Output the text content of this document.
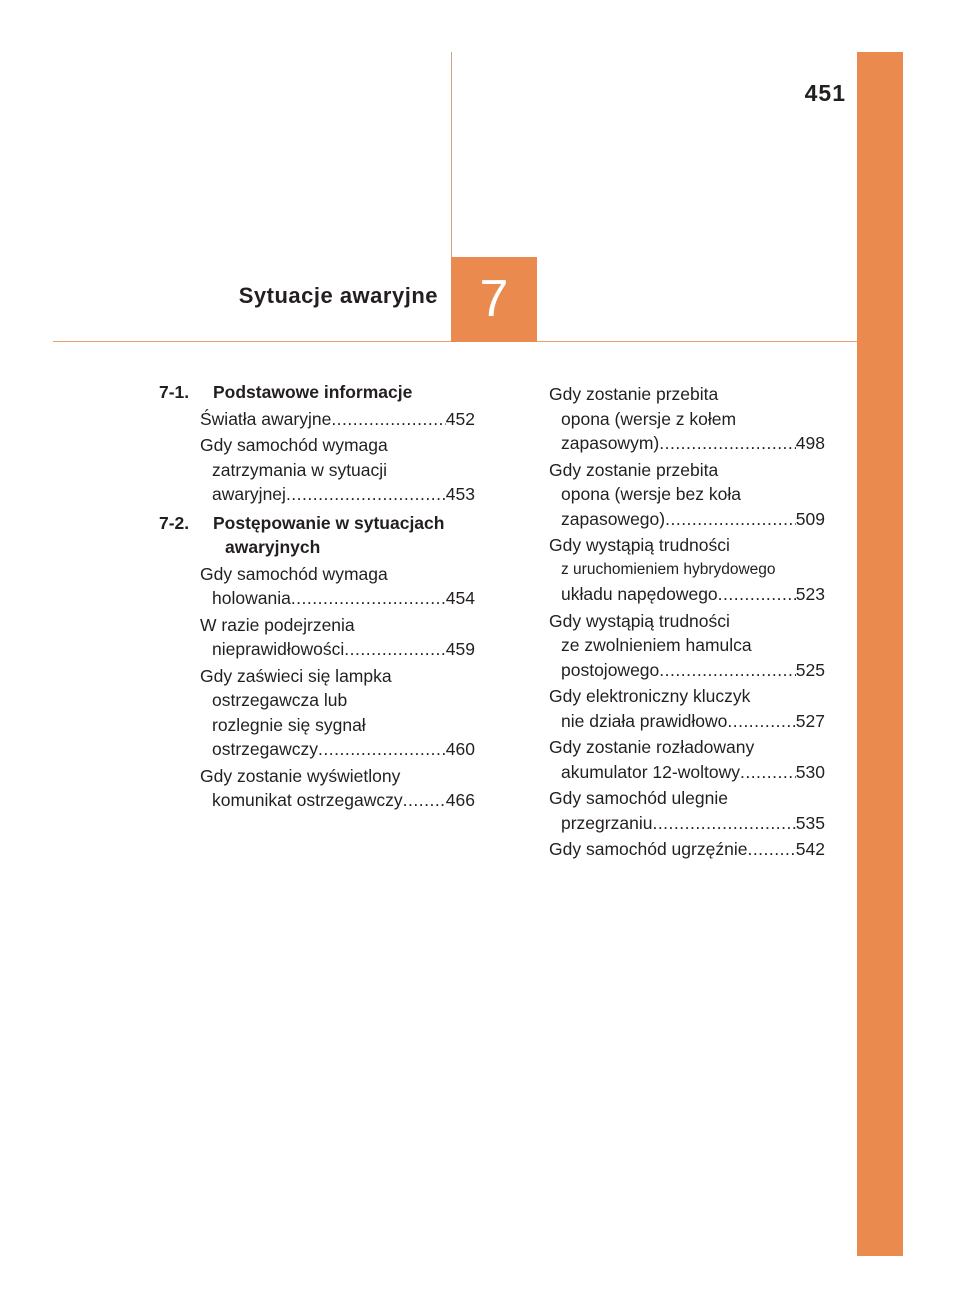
451
Sytuacje awaryjne 7
7-1.	Podstawowe informacje
Światła awaryjne .....	452
Gdy samochód wymaga
zatrzymania w sytuacji
awaryjnej .....	453
7-2.	Postępowanie w sytuacjach
awaryjnych
Gdy samochód wymaga
holowania .....	454
W razie podejrzenia
nieprawidłowości .....	459
Gdy zaświeci się lampka
ostrzegawcza lub
rozlegnie się sygnał
ostrzegawczy .....	460
Gdy zostanie wyświetlony
komunikat ostrzegawczy ..... 466
Gdy zostanie przebita
opona (wersje z kołem
zapasowym) .....	498
Gdy zostanie przebita
opona (wersje bez koła
zapasowego) .....	509
Gdy wystąpią trudności
z uruchomieniem hybrydowego
układu napędowego .....	523
Gdy wystąpią trudności
ze zwolnieniem hamulca
postojowego .....	525
Gdy elektroniczny kluczyk
nie działa prawidłowo .....	527
Gdy zostanie rozładowany
akumulator 12-woltowy .....	530
Gdy samochód ulegnie
przegrzaniu .....	535
Gdy samochód ugrzęźnie .....	542
